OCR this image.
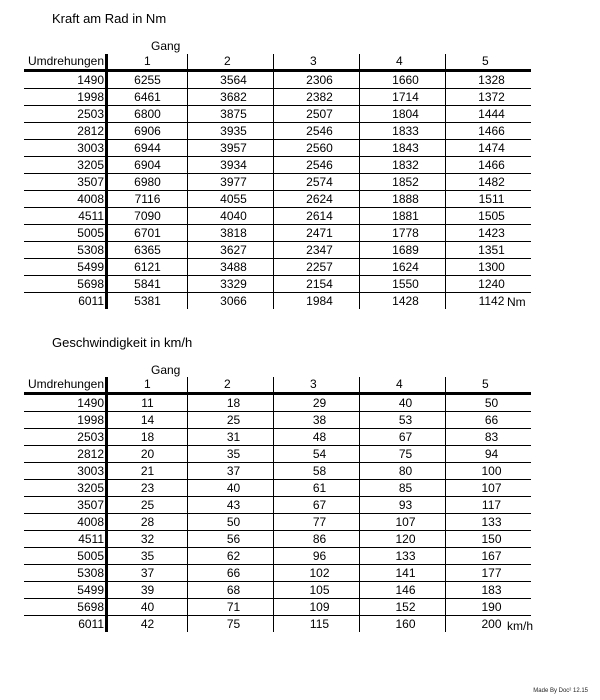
Kraft am Rad in Nm
Gang
Umdrehungen	1	2	3	4	5
1490	6255	3564	2306	1660	1328
1998	6461	3682	2382	1714	1372
2503	6800	3875	2507	1804	1444
2812	6906	3935	2546	1833	1466
3003	6944	3957	2560	1843	1474
3205	6904	3934	2546	1832	1466
3507	6980	3977	2574	1852	1482
4008	7116	4055	2624	1888	1511
4511	7090	4040	2614	1881	1505
5005	6701	3818	2471	1778	1423
5308	6365	3627	2347	1689	1351
5499	6121	3488	2257	1624	1300
5698	5841	3329	2154	1550	1240
6011	5381	3066	1984	1428	1142 Nm
Geschwindigkeit in km/h
Gang
Umdrehungen	1	2	3	4	5
1490	11	18	29	40	50
1998	14	25	38	53	66
2503	18	31	48	67	83
2812	20	35	54	75	94
3003	21	37	58	80	100
3205	23	40	61	85	107
3507	25	43	67	93	117
4008	28	50	77	107	133
4511	32	56	86	120	150
5005	35	62	96	133	167
5308	37	66	102	141	177
5499	39	68	105	146	183
5698	40	71	109	152	190
6011	42	75	115	160	200 km/h
Made By Doc² 12.15
